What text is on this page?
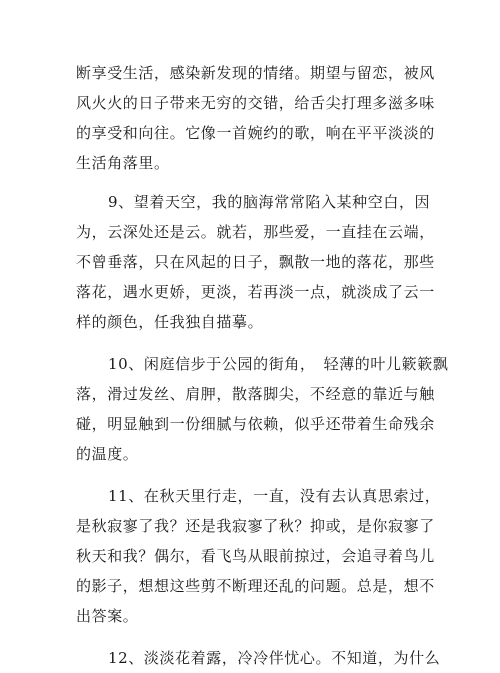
断享受生活，感染新发现的情绪。期望与留恋，被风
风火火的日子带来无穷的交错，给舌尖打理多滋多味
的享受和向往。它像一首婉约的歌，响在平平淡淡的
生活角落里。

9、望着天空，我的脑海常常陷入某种空白，因
为，云深处还是云。就若，那些爱，一直挂在云端，
不曾垂落，只在风起的日子，飘散一地的落花，那些
落花，遇水更娇，更淡，若再淡一点，就淡成了云一
样的颜色，任我独自描摹。

10、闲庭信步于公园的街角，　轻薄的叶儿簌簌飘
落，滑过发丝、肩胛，散落脚尖，不经意的靠近与触
碰，明显触到一份细腻与依赖，似乎还带着生命残余
的温度。

11、在秋天里行走，一直，没有去认真思索过，
是秋寂寥了我？还是我寂寥了秋？抑或，是你寂寥了
秋天和我？偶尔，看飞鸟从眼前掠过，会追寻着鸟儿
的影子，想想这些剪不断理还乱的问题。总是，想不
出答案。

12、淡淡花着露，冷冷伴忧心。不知道，为什么
